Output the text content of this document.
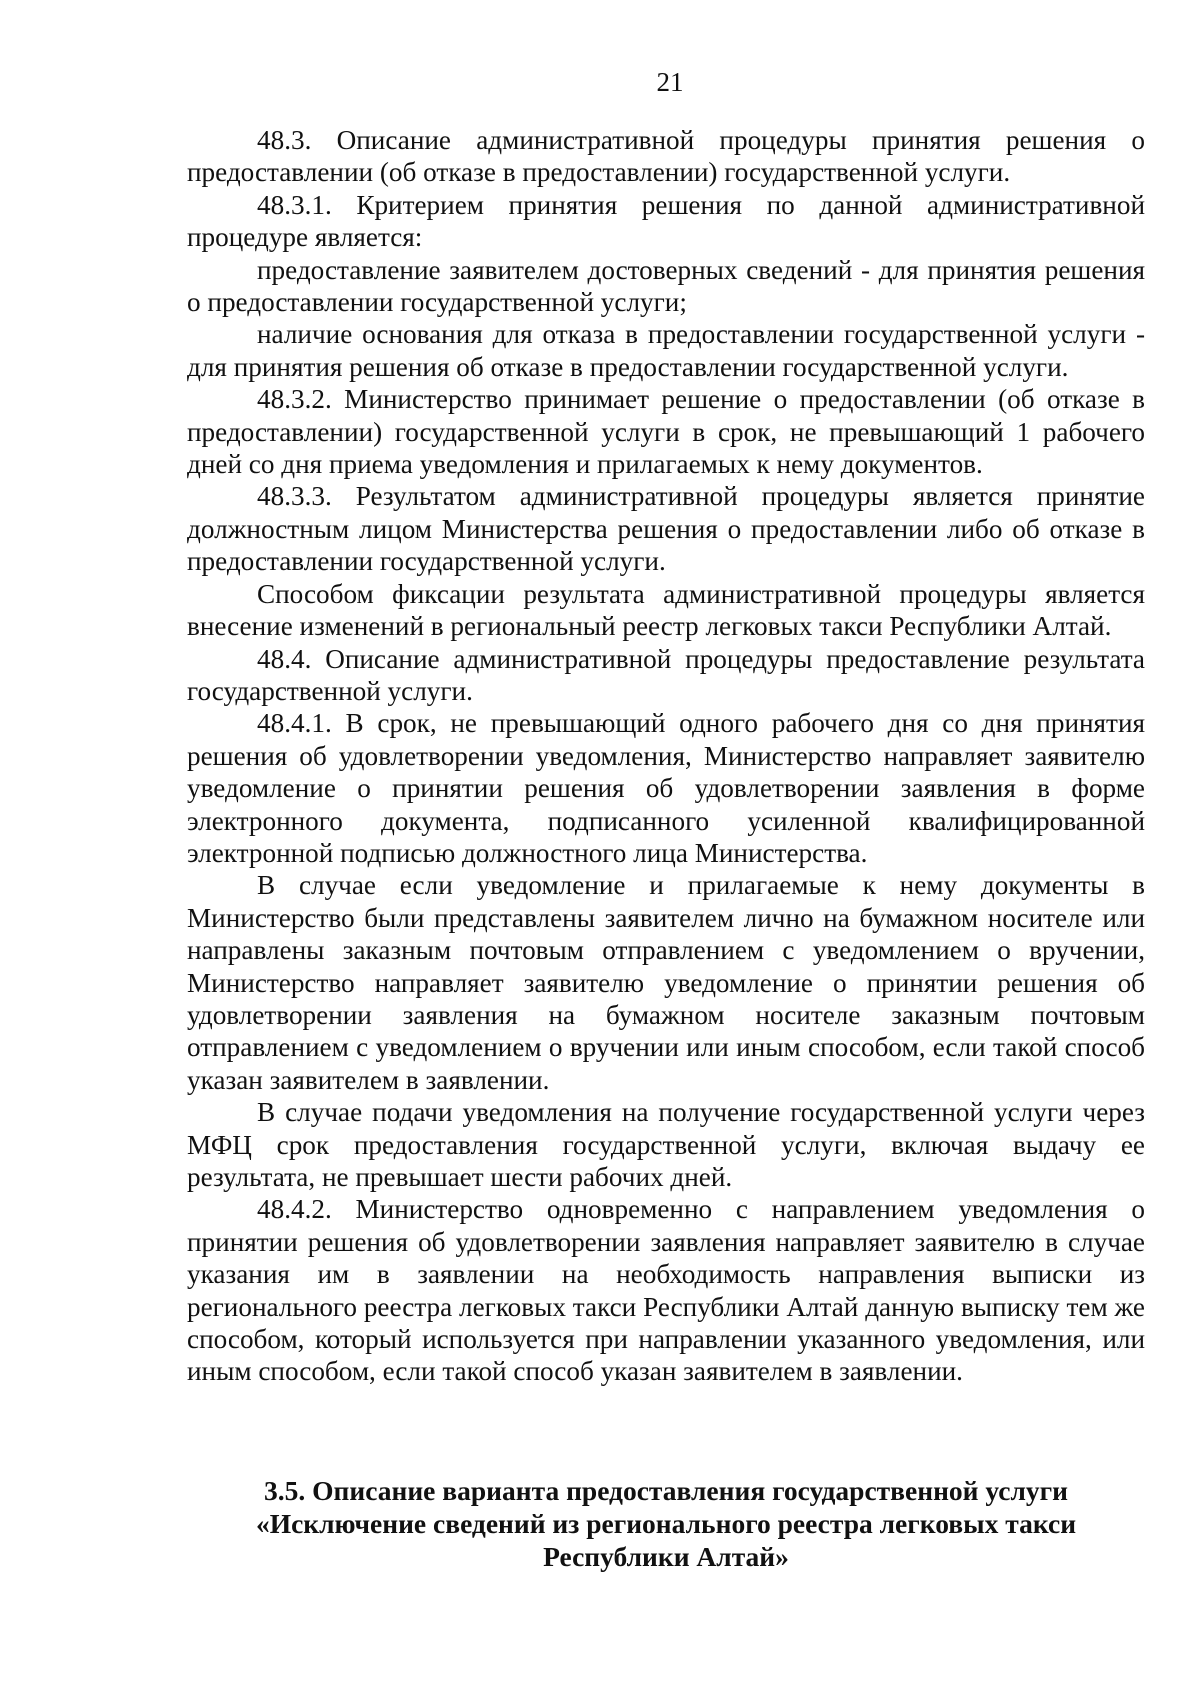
21

48.3. Описание административной процедуры принятия решения о предоставлении (об отказе в предоставлении) государственной услуги.

48.3.1. Критерием принятия решения по данной административной процедуре является:

предоставление заявителем достоверных сведений - для принятия решения о предоставлении государственной услуги;

наличие основания для отказа в предоставлении государственной услуги - для принятия решения об отказе в предоставлении государственной услуги.

48.3.2. Министерство принимает решение о предоставлении (об отказе в предоставлении) государственной услуги в срок, не превышающий 1 рабочего дней со дня приема уведомления и прилагаемых к нему документов.

48.3.3. Результатом административной процедуры является принятие должностным лицом Министерства решения о предоставлении либо об отказе в предоставлении государственной услуги.

Способом фиксации результата административной процедуры является внесение изменений в региональный реестр легковых такси Республики Алтай.

48.4. Описание административной процедуры предоставление результата государственной услуги.

48.4.1. В срок, не превышающий одного рабочего дня со дня принятия решения об удовлетворении уведомления, Министерство направляет заявителю уведомление о принятии решения об удовлетворении заявления в форме электронного документа, подписанного усиленной квалифицированной электронной подписью должностного лица Министерства.

В случае если уведомление и прилагаемые к нему документы в Министерство были представлены заявителем лично на бумажном носителе или направлены заказным почтовым отправлением с уведомлением о вручении, Министерство направляет заявителю уведомление о принятии решения об удовлетворении заявления на бумажном носителе заказным почтовым отправлением с уведомлением о вручении или иным способом, если такой способ указан заявителем в заявлении.

В случае подачи уведомления на получение государственной услуги через МФЦ срок предоставления государственной услуги, включая выдачу ее результата, не превышает шести рабочих дней.

48.4.2. Министерство одновременно с направлением уведомления о принятии решения об удовлетворении заявления направляет заявителю в случае указания им в заявлении на необходимость направления выписки из регионального реестра легковых такси Республики Алтай данную выписку тем же способом, который используется при направлении указанного уведомления, или иным способом, если такой способ указан заявителем в заявлении.

3.5. Описание варианта предоставления государственной услуги
«Исключение сведений из регионального реестра легковых такси
Республики Алтай»
